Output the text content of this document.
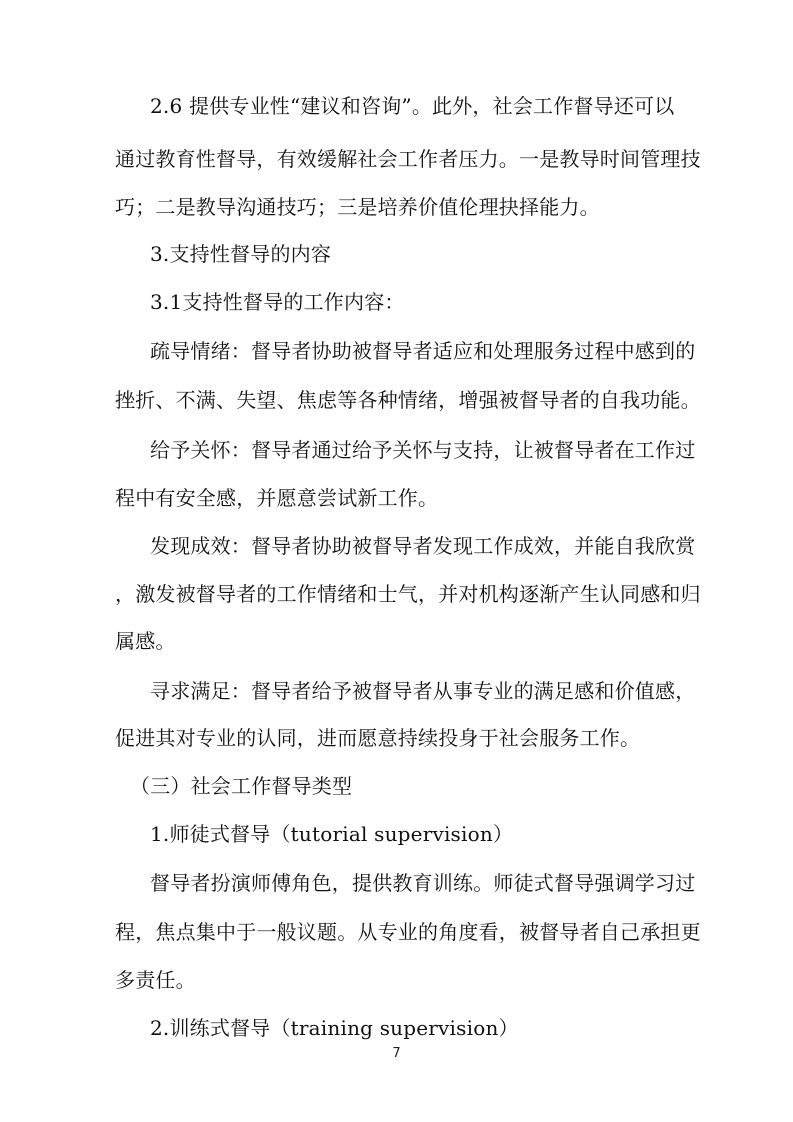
2.6 提供专业性“建议和咨询”。此外，社会工作督导还可以
通过教育性督导，有效缓解社会工作者压力。一是教导时间管理技
巧；二是教导沟通技巧；三是培养价值伦理抉择能力。
3.支持性督导的内容
3.1支持性督导的工作内容：
疏导情绪：督导者协助被督导者适应和处理服务过程中感到的
挫折、不满、失望、焦虑等各种情绪，增强被督导者的自我功能。
给予关怀：督导者通过给予关怀与支持，让被督导者在工作过
程中有安全感，并愿意尝试新工作。
发现成效：督导者协助被督导者发现工作成效，并能自我欣赏
，激发被督导者的工作情绪和士气，并对机构逐渐产生认同感和归
属感。
寻求满足：督导者给予被督导者从事专业的满足感和价值感，
促进其对专业的认同，进而愿意持续投身于社会服务工作。
（三）社会工作督导类型
1.师徒式督导（tutorial supervision）
督导者扮演师傅角色，提供教育训练。师徒式督导强调学习过
程，焦点集中于一般议题。从专业的角度看，被督导者自己承担更
多责任。
2.训练式督导（training supervision）
7
